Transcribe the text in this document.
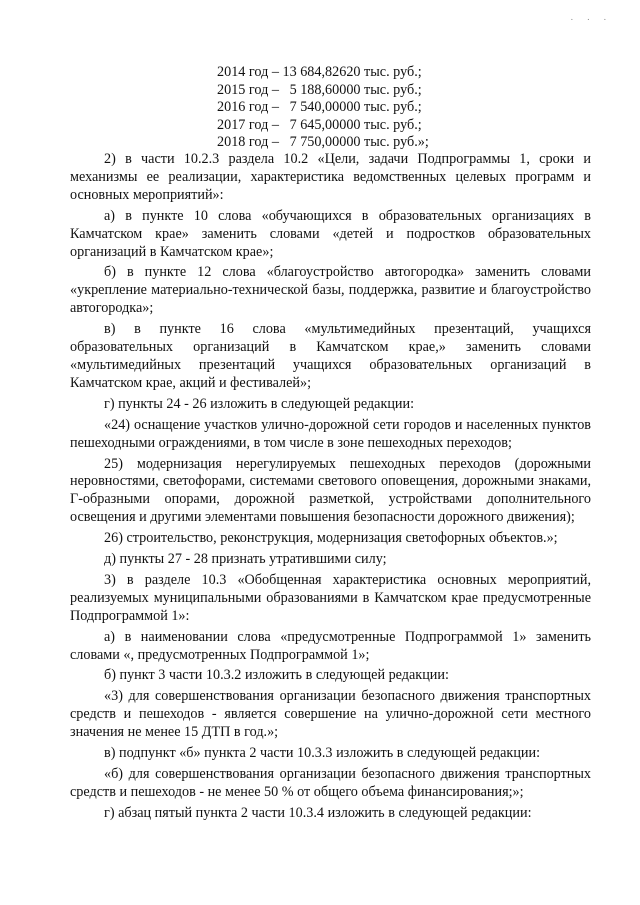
. . .
2014 год – 13 684,82620 тыс. руб.;
2015 год –   5 188,60000 тыс. руб.;
2016 год –   7 540,00000 тыс. руб.;
2017 год –   7 645,00000 тыс. руб.;
2018 год –   7 750,00000 тыс. руб.»;

2) в части 10.2.3 раздела 10.2 «Цели, задачи Подпрограммы 1, сроки и механизмы ее реализации, характеристика ведомственных целевых программ и основных мероприятий»:

а) в пункте 10 слова «обучающихся в образовательных организациях в Камчатском крае» заменить словами «детей и подростков образовательных организаций в Камчатском крае»;

б) в пункте 12 слова «благоустройство автогородка» заменить словами «укрепление материально-технической базы, поддержка, развитие и благоустройство автогородка»;

в) в пункте 16 слова «мультимедийных презентаций, учащихся образовательных организаций в Камчатском крае,» заменить словами «мультимедийных презентаций учащихся образовательных организаций в Камчатском крае, акций и фестивалей»;

г) пункты 24 - 26 изложить в следующей редакции:

«24) оснащение участков улично-дорожной сети городов и населенных пунктов пешеходными ограждениями, в том числе в зоне пешеходных переходов;

25) модернизация нерегулируемых пешеходных переходов (дорожными неровностями, светофорами, системами светового оповещения, дорожными знаками, Г-образными опорами, дорожной разметкой, устройствами дополнительного освещения и другими элементами повышения безопасности дорожного движения);

26) строительство, реконструкция, модернизация светофорных объектов.»;

д) пункты 27 - 28 признать утратившими силу;

3) в разделе 10.3 «Обобщенная характеристика основных мероприятий, реализуемых муниципальными образованиями в Камчатском крае предусмотренные Подпрограммой 1»:

а) в наименовании слова «предусмотренные Подпрограммой 1» заменить словами «, предусмотренных Подпрограммой 1»;

б) пункт 3 части 10.3.2 изложить в следующей редакции:

«3) для совершенствования организации безопасного движения транспортных средств и пешеходов - является совершение на улично-дорожной сети местного значения не менее 15 ДТП в год.»;

в) подпункт «б» пункта 2 части 10.3.3 изложить в следующей редакции:

«б) для совершенствования организации безопасного движения транспортных средств и пешеходов - не менее 50 % от общего объема финансирования;»;

г) абзац пятый пункта 2 части 10.3.4 изложить в следующей редакции:
